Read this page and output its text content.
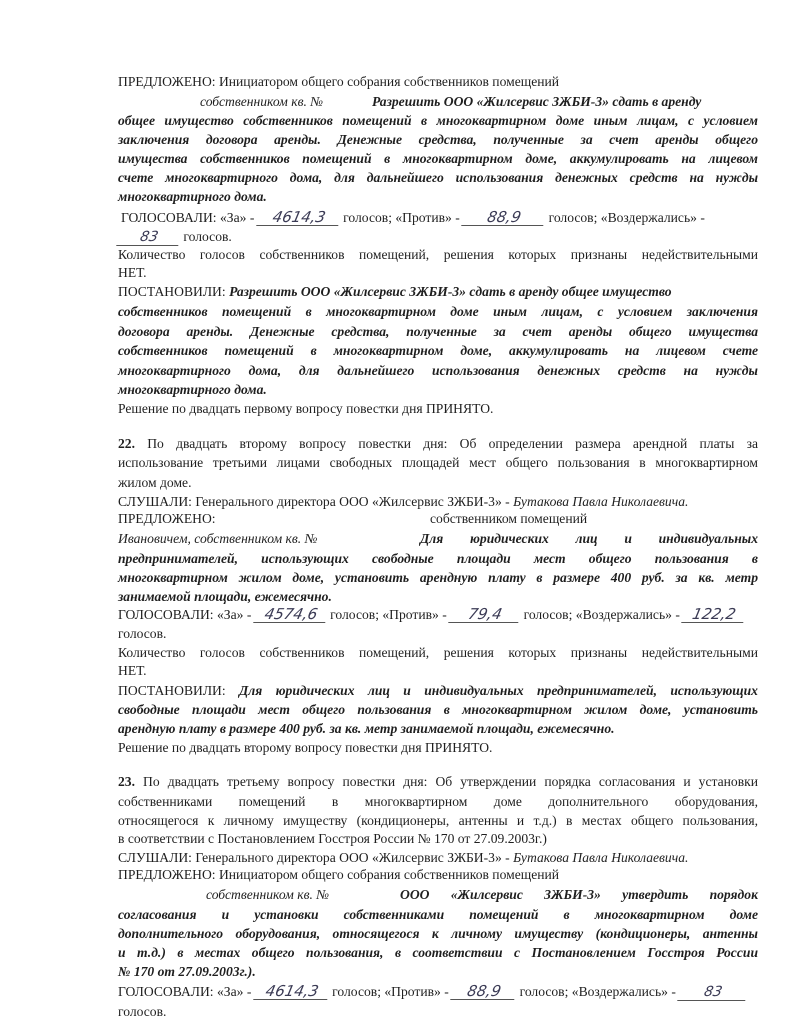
ПРЕДЛОЖЕНО: Инициатором общего собрания собственников помещений
собственником кв. №	Разрешить ООО «Жилсервис ЗЖБИ-3» сдать в аренду
общее имущество собственников помещений в многоквартирном доме иным лицам, с условием
заключения договора аренды. Денежные средства, полученные за счет аренды общего
имущества собственников помещений в многоквартирном доме, аккумулировать на лицевом
счете многоквартирного дома, для дальнейшего использования денежных средств на нужды
многоквартирного дома.
ГОЛОСОВАЛИ: «За» - 4614,3 голосов; «Против» - 88,9 голосов; «Воздержались» -
83 голосов.
Количество голосов собственников помещений, решения которых признаны недействительными
НЕТ.
ПОСТАНОВИЛИ: Разрешить ООО «Жилсервис ЗЖБИ-3» сдать в аренду общее имущество
собственников помещений в многоквартирном доме иным лицам, с условием заключения
договора аренды. Денежные средства, полученные за счет аренды общего имущества
собственников помещений в многоквартирном доме, аккумулировать на лицевом счете
многоквартирного дома, для дальнейшего использования денежных средств на нужды
многоквартирного дома.
Решение по двадцать первому вопросу повестки дня ПРИНЯТО.
22. По двадцать второму вопросу повестки дня: Об определении размера арендной платы за
использование третьими лицами свободных площадей мест общего пользования в многоквартирном
жилом доме.
СЛУШАЛИ: Генерального директора ООО «Жилсервис ЗЖБИ-3» - Бутакова Павла Николаевича.
ПРЕДЛОЖЕНО:	собственником помещений
Ивановичем, собственником кв. №	Для юридических лиц и индивидуальных
предпринимателей, использующих свободные площади мест общего пользования в
многоквартирном жилом доме, установить арендную плату в размере 400 руб. за кв. метр
занимаемой площади, ежемесячно.
ГОЛОСОВАЛИ: «За» - 4574,6 голосов; «Против» - 79,4 голосов; «Воздержались» - 122,2
голосов.
Количество голосов собственников помещений, решения которых признаны недействительными
НЕТ.
ПОСТАНОВИЛИ: Для юридических лиц и индивидуальных предпринимателей, использующих
свободные площади мест общего пользования в многоквартирном жилом доме, установить
арендную плату в размере 400 руб. за кв. метр занимаемой площади, ежемесячно.
Решение по двадцать второму вопросу повестки дня ПРИНЯТО.
23. По двадцать третьему вопросу повестки дня: Об утверждении порядка согласования и установки
собственниками помещений в многоквартирном доме дополнительного оборудования,
относящегося к личному имуществу (кондиционеры, антенны и т.д.) в местах общего пользования,
в соответствии с Постановлением Госстроя России № 170 от 27.09.2003г.)
СЛУШАЛИ: Генерального директора ООО «Жилсервис ЗЖБИ-3» - Бутакова Павла Николаевича.
ПРЕДЛОЖЕНО: Инициатором общего собрания собственников помещений
собственником кв. №	ООО «Жилсервис ЗЖБИ-3» утвердить порядок
согласования и установки собственниками помещений в многоквартирном доме
дополнительного оборудования, относящегося к личному имуществу (кондиционеры, антенны
и т.д.) в местах общего пользования, в соответствии с Постановлением Госстроя России
№ 170 от 27.09.2003г.).
ГОЛОСОВАЛИ: «За» - 4614,3 голосов; «Против» - 88,9 голосов; «Воздержались» - 83
голосов.
